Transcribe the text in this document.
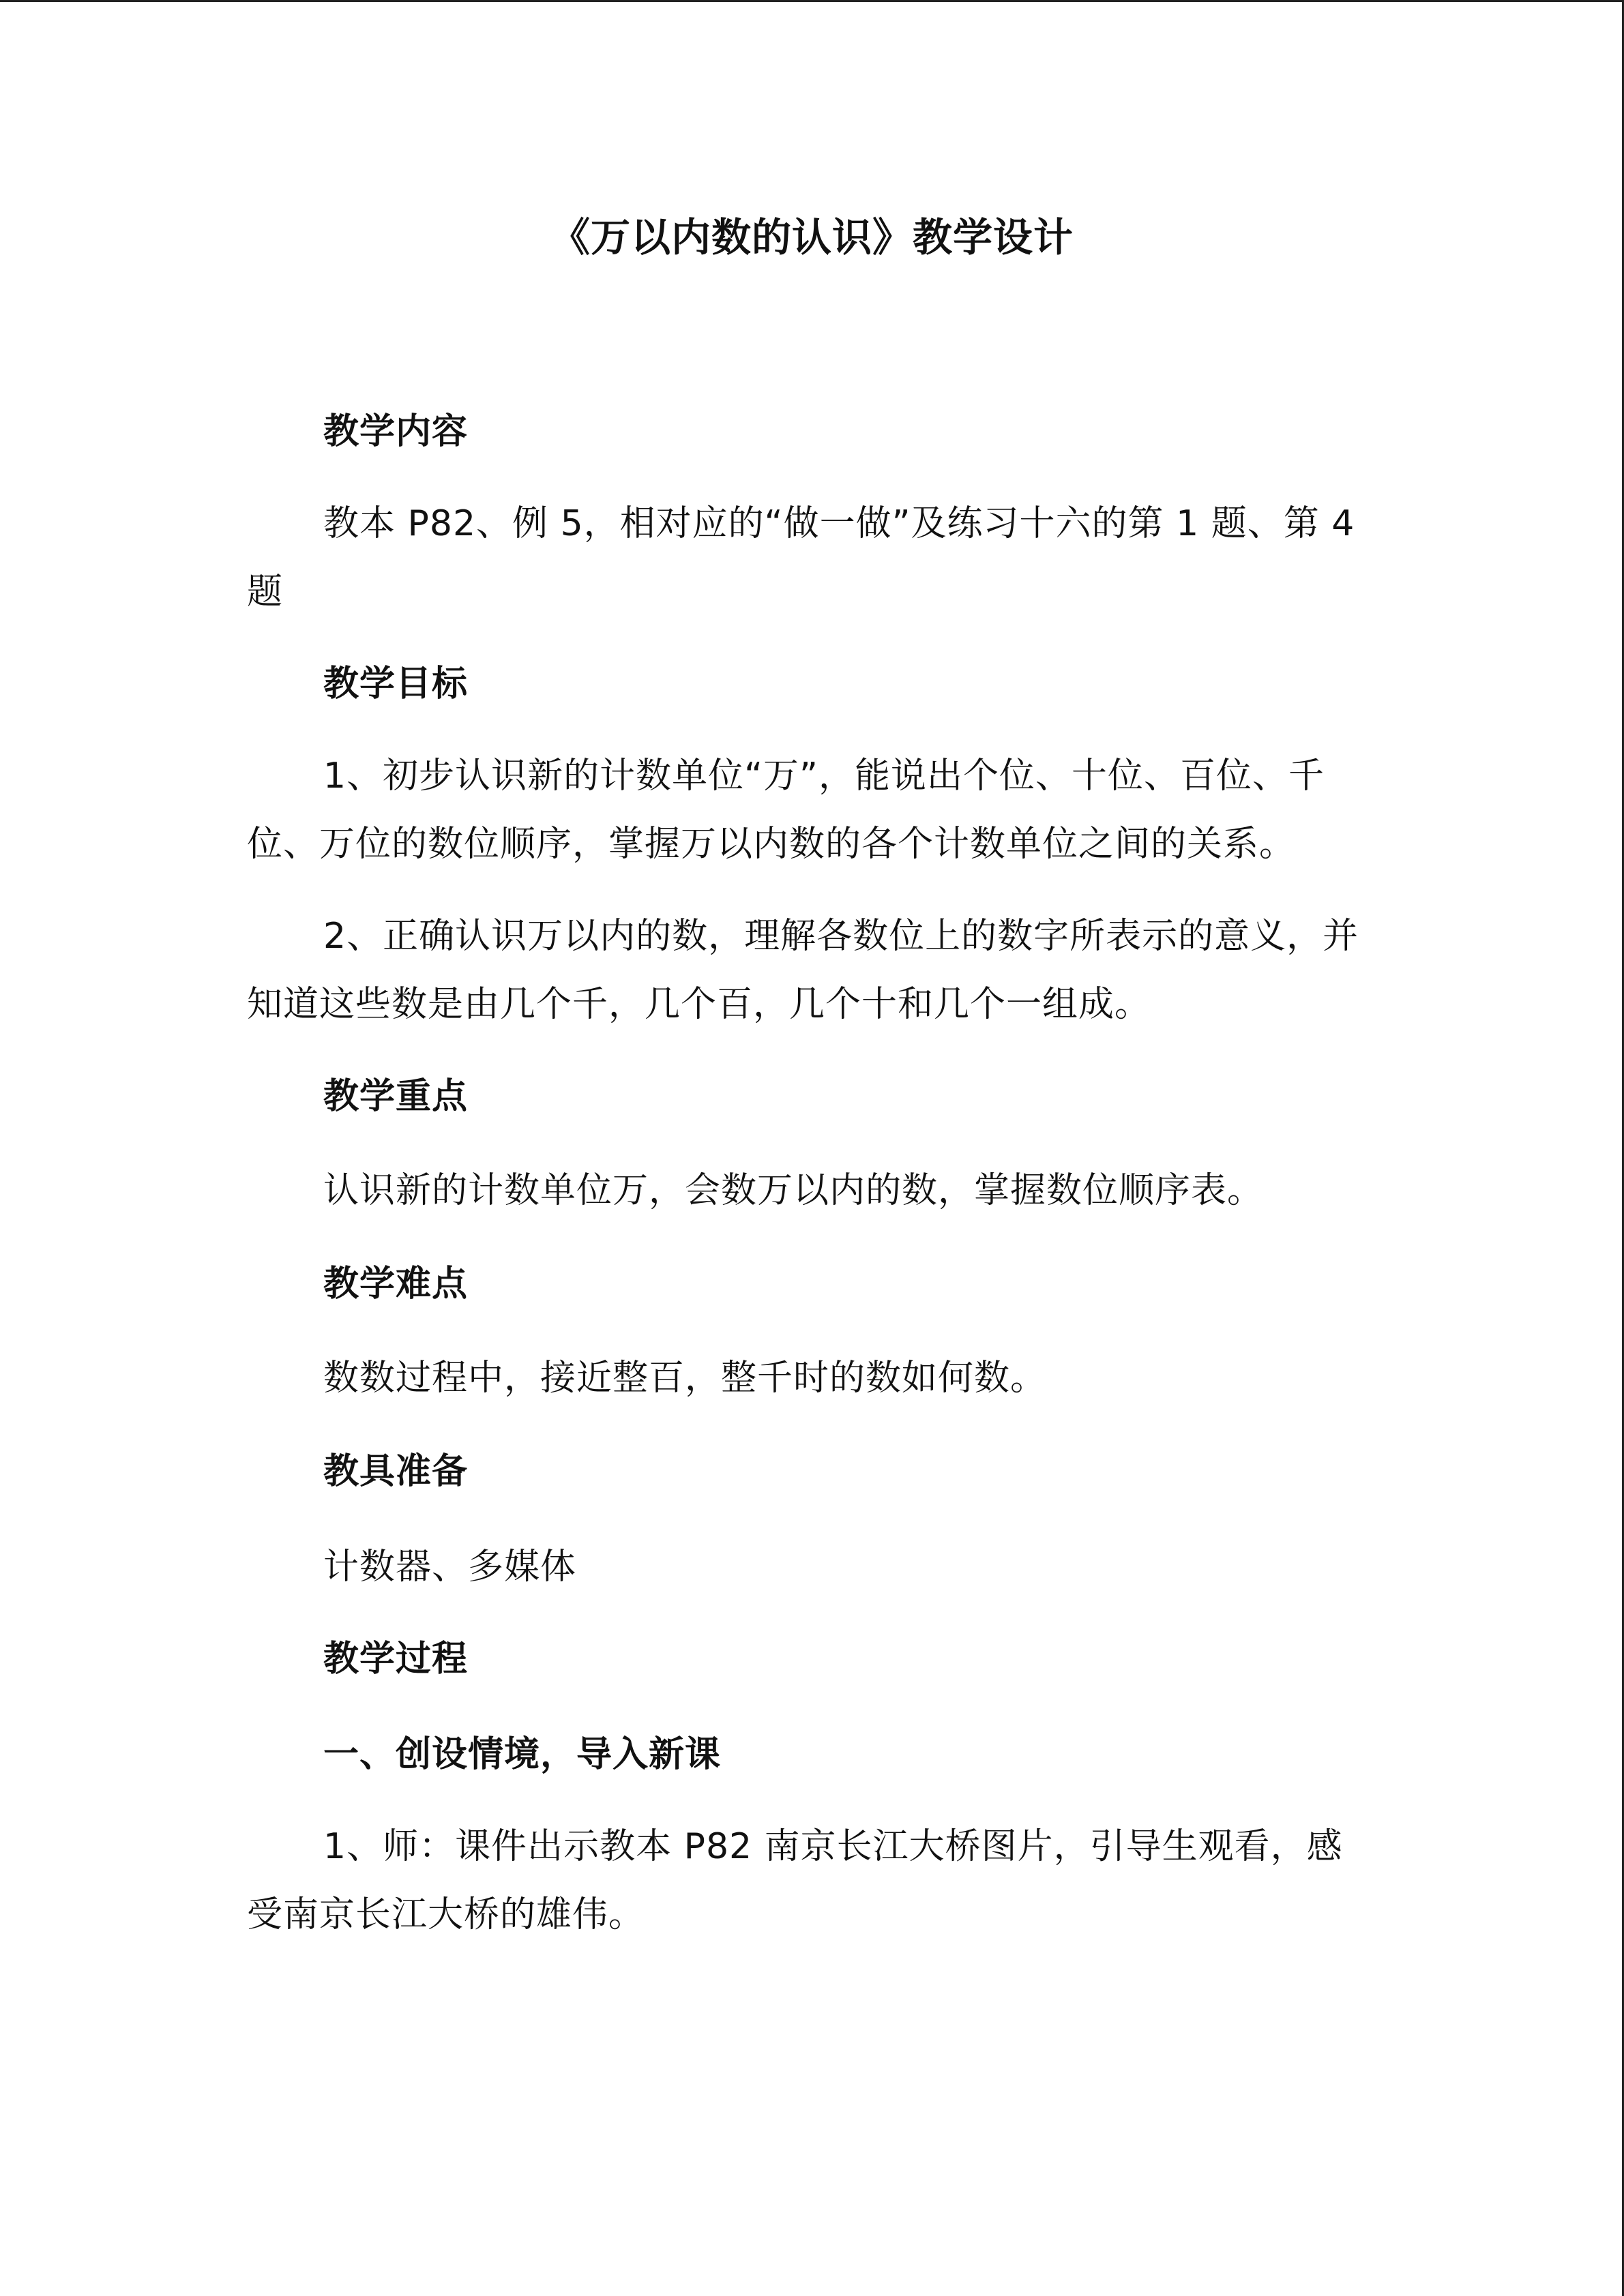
《万以内数的认识》教学设计
教学内容
教本 P82、例 5，相对应的“做一做”及练习十六的第 1 题、第 4 题
教学目标
1、初步认识新的计数单位“万”，能说出个位、十位、百位、千位、万位的数位顺序，掌握万以内数的各个计数单位之间的关系。
2、正确认识万以内的数，理解各数位上的数字所表示的意义，并知道这些数是由几个千，几个百，几个十和几个一组成。
教学重点
认识新的计数单位万，会数万以内的数，掌握数位顺序表。
教学难点
数数过程中，接近整百，整千时的数如何数。
教具准备
计数器、多媒体
教学过程
一、创设情境，导入新课
1、师：课件出示教本 P82 南京长江大桥图片，引导生观看，感受南京长江大桥的雄伟。
